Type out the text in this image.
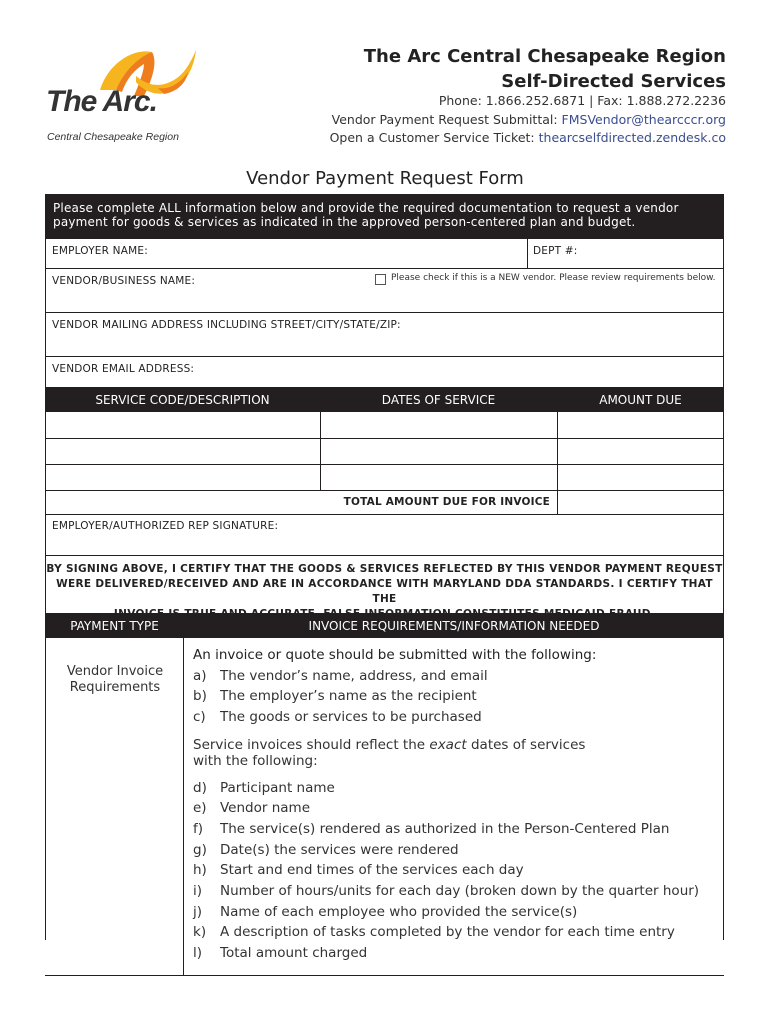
The Arc.
Central Chesapeake Region
The Arc Central Chesapeake Region
Self-Directed Services
Phone: 1.866.252.6871 | Fax: 1.888.272.2236
Vendor Payment Request Submittal: FMSVendor@thearcccr.org
Open a Customer Service Ticket: thearcselfdirected.zendesk.co
Vendor Payment Request Form
Please complete ALL information below and provide the required documentation to request a vendor
payment for goods & services as indicated in the approved person-centered plan and budget.
EMPLOYER NAME:	DEPT #:
VENDOR/BUSINESS NAME:	Please check if this is a NEW vendor. Please review requirements below.
VENDOR MAILING ADDRESS INCLUDING STREET/CITY/STATE/ZIP:
VENDOR EMAIL ADDRESS:
SERVICE CODE/DESCRIPTION	DATES OF SERVICE	AMOUNT DUE
TOTAL AMOUNT DUE FOR INVOICE
EMPLOYER/AUTHORIZED REP SIGNATURE:
BY SIGNING ABOVE, I CERTIFY THAT THE GOODS & SERVICES REFLECTED BY THIS VENDOR PAYMENT REQUEST
WERE DELIVERED/RECEIVED AND ARE IN ACCORDANCE WITH MARYLAND DDA STANDARDS. I CERTIFY THAT THE
PAYMENT TYPE	INVOICE REQUIREMENTS/INFORMATION NEEDED
Vendor Invoice
Requirements
An invoice or quote should be submitted with the following:
a) The vendor’s name, address, and email
b) The employer’s name as the recipient
c)	The goods or services to be purchased
Service invoices should reflect the exact dates of services
with the following:
d) Participant name
e) Vendor name
f)	The service(s) rendered as authorized in the Person-Centered Plan
g) Date(s) the services were rendered
h) Start and end times of the services each day
i)	Number of hours/units for each day (broken down by the quarter hour)
j)	Name of each employee who provided the service(s)
k)	A description of tasks completed by the vendor for each time entry
l)	Total amount charged
